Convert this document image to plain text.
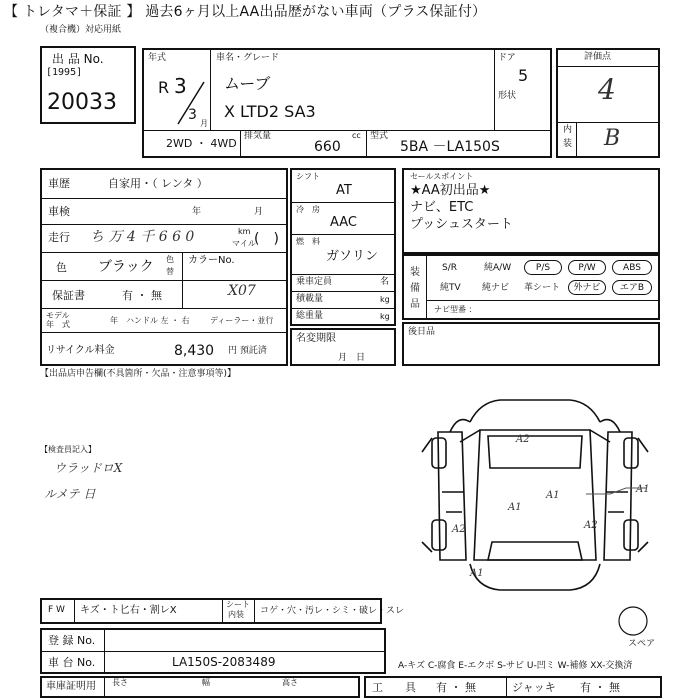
【 トレタマ＋保証 】 過去6ヶ月以上AA出品歴がない車両（プラス保証付）
（複合機）対応用紙
出 品 No.
[1995]
20033
年式
R 3
3
月
車名・グレード
ムーブ
X LTD2 SA3
ドア
5
形状
2WD ・ 4WD
排気量
660
cc 型式
5BA －LA150S
評価点
4
内
装 B
車歴	自家用・（ レンタ ）
車検	年	月
走行 ち 万 4 千 6 6 0	km
マイル
(　)
色 ブラック 色
替
カラーNo.
X07
保証書	有 ・ 無
モデル
年　式	年 ハンドル 左 ・ 右	ディーラー・並行
リサイクル料金	8,430 円 預託済
シフト
AT
冷　房
AAC
燃　料
ガソリン
乗車定員	名
積載量	kg
総重量	kg
名変期限
月　日
セールスポイント
★AA初出品★
ナビ、ETC
プッシュスタート
装
備
品
S/R	純A/W	P/S	P/W	ABS
純TV 純ナビ 革シート	外ナビ	エアB
ナビ型番 ：
後日品
【出品店申告欄(不具箇所・欠品・注意事項等)】
【検査員記入】
ウラッドロX
ルメテ 日
A2
A1
A1
A2	A2
A1
A1
スペア
F W キズ・ト匕右・割レX
シート
内装 コゲ・穴・汚レ・シミ・破レ・スレ
登 録 No.
車 台 No.	LA150S-2083489	A-キズ C-腐食 E-エクボ S-サビ U-凹ミ W-補修 XX-交換済
車庫証明用 長さ	幅	高さ	工　　具 有 ・ 無	ジャッキ 有 ・ 無
